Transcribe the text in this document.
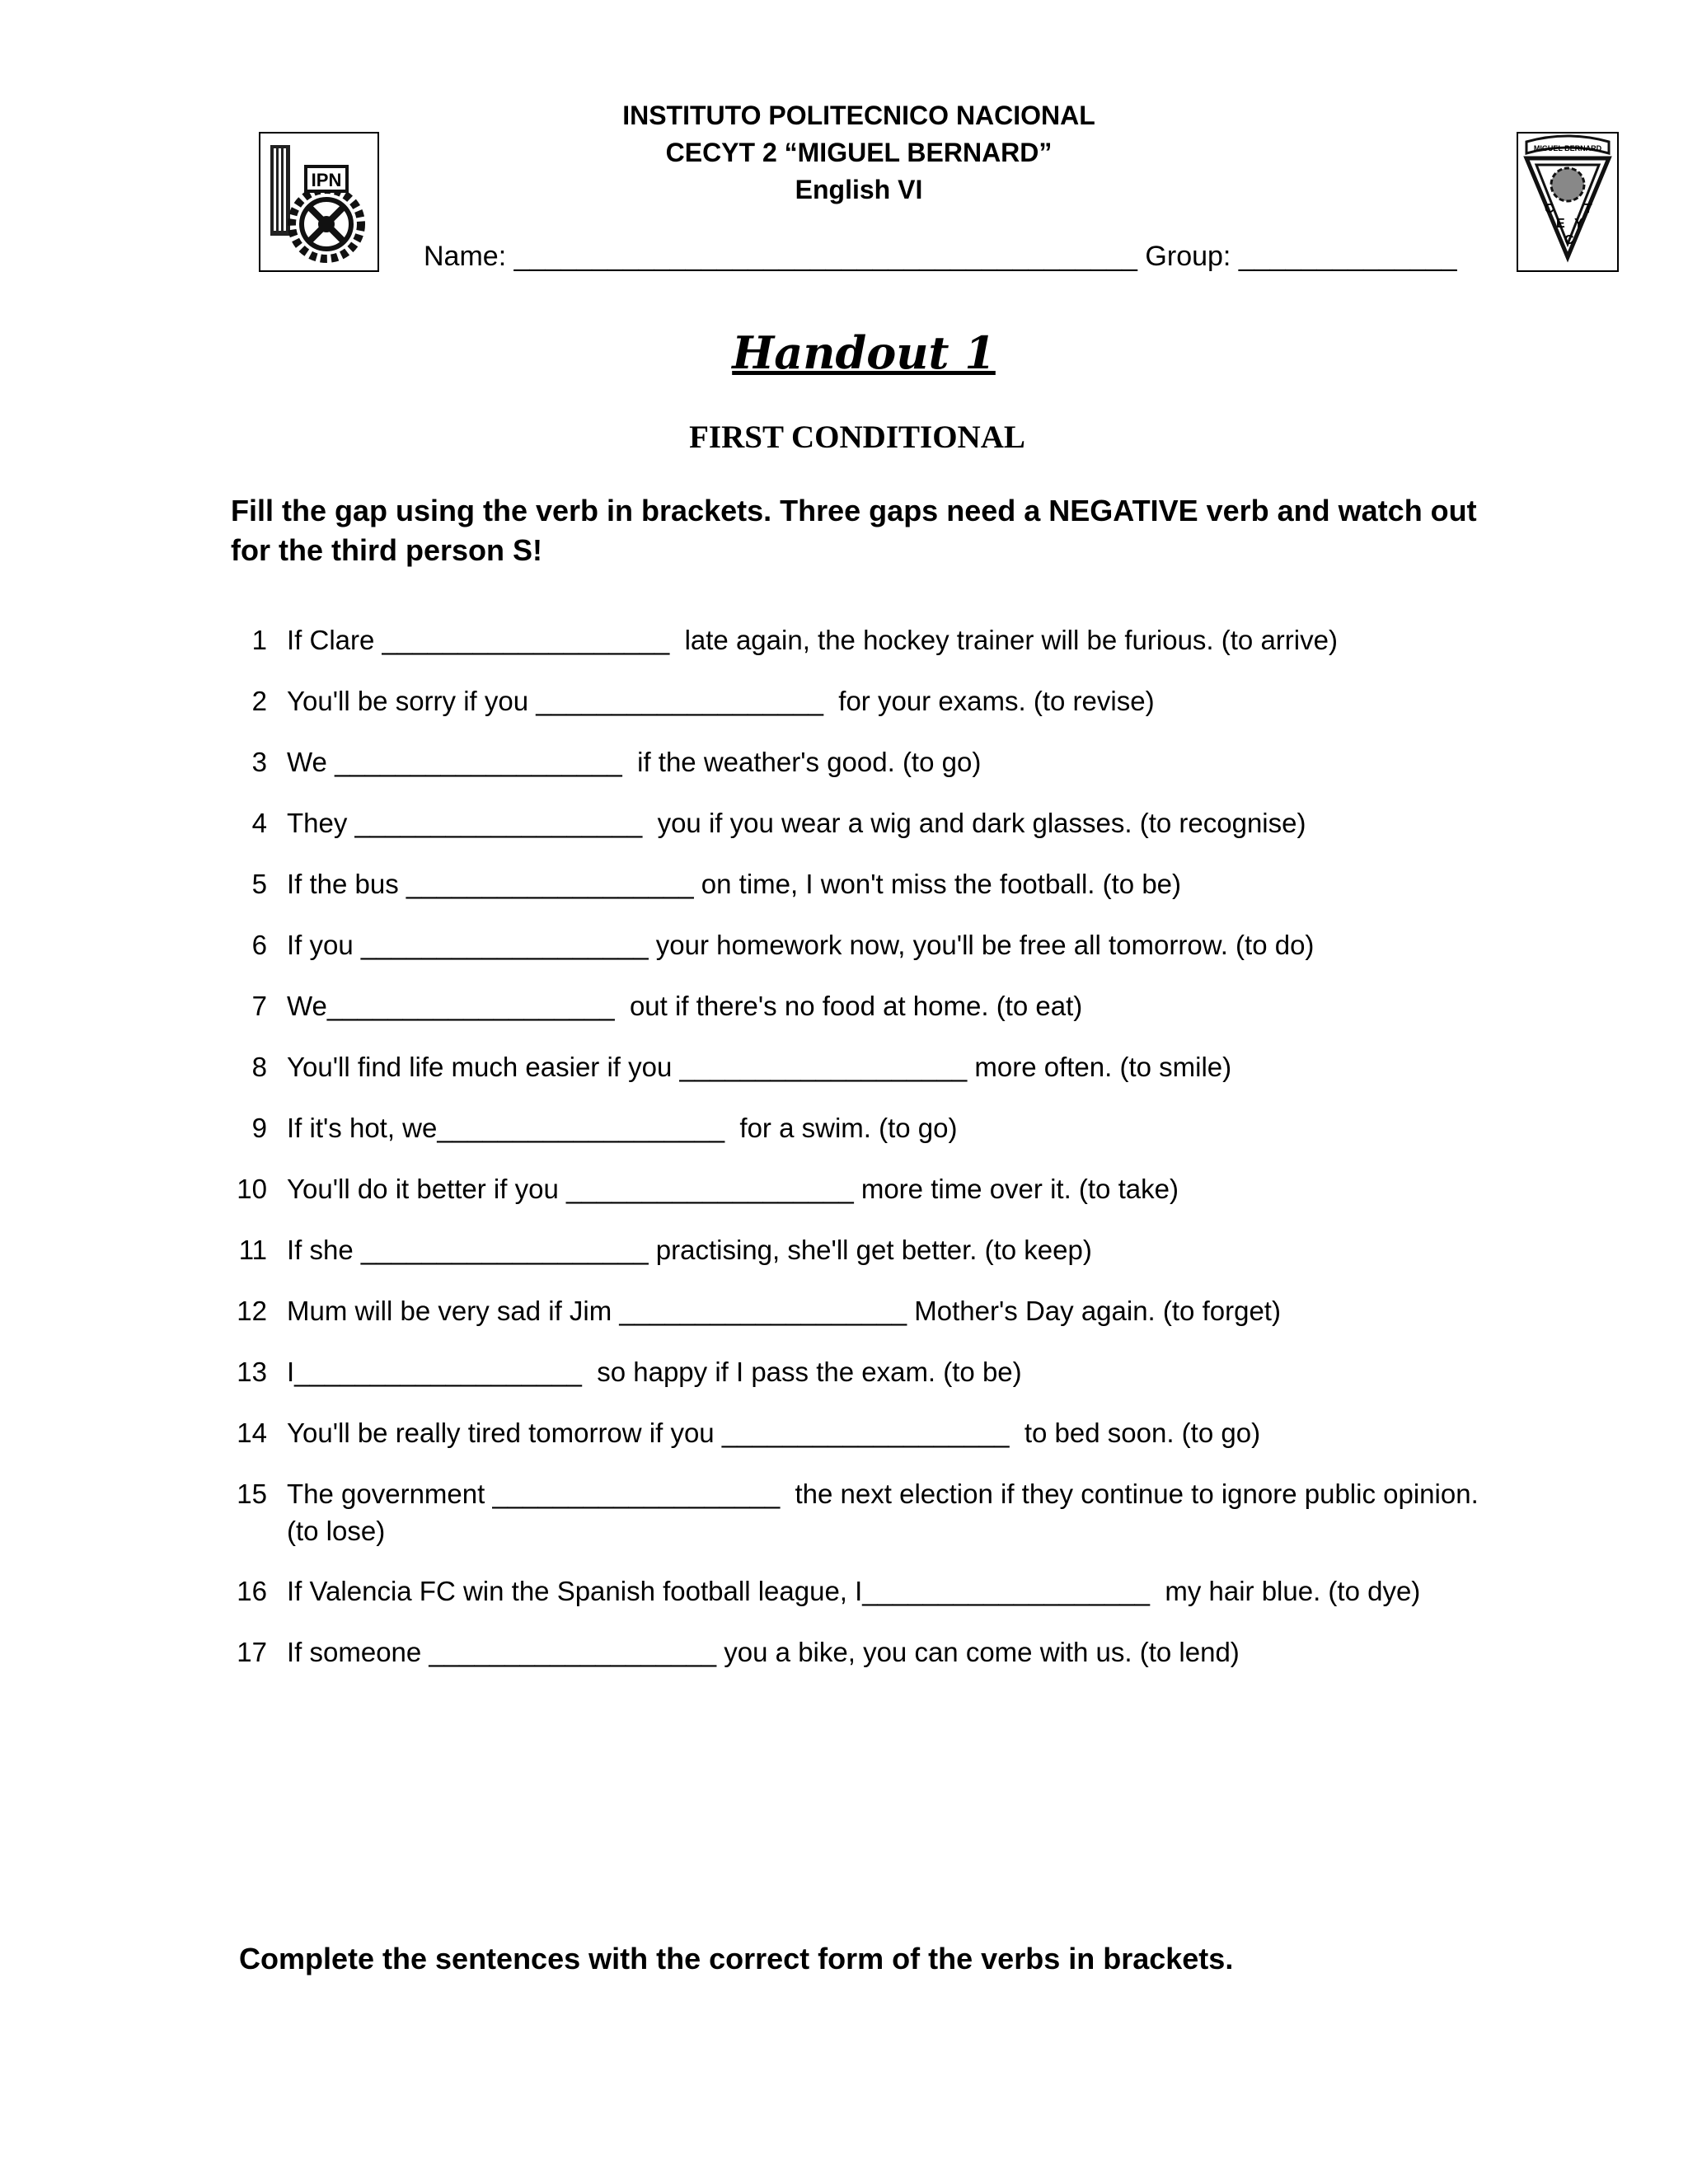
INSTITUTO POLITECNICO NACIONAL
CECYT 2 “MIGUEL BERNARD”
English VI
IPN
MIGUEL BERNARD
C
E
C
Y
T
Name: ________________________________________ Group: ______________
Handout 1
FIRST CONDITIONAL
Fill the gap using the verb in brackets. Three gaps need a NEGATIVE verb and watch out for the third person S!
1 If Clare ___________________  late again, the hockey trainer will be furious. (to arrive)
2 You'll be sorry if you ___________________  for your exams. (to revise)
3 We ___________________  if the weather's good. (to go)
4 They ___________________  you if you wear a wig and dark glasses. (to recognise)
5 If the bus ___________________ on time, I won't miss the football. (to be)
6 If you ___________________ your homework now, you'll be free all tomorrow. (to do)
7 We___________________  out if there's no food at home. (to eat)
8 You'll find life much easier if you ___________________ more often. (to smile)
9 If it's hot, we___________________  for a swim. (to go)
10 You'll do it better if you ___________________ more time over it. (to take)
11 If she ___________________ practising, she'll get better. (to keep)
12 Mum will be very sad if Jim ___________________ Mother's Day again. (to forget)
13 I___________________  so happy if I pass the exam. (to be)
14 You'll be really tired tomorrow if you ___________________  to bed soon. (to go)
15 The government ___________________  the next election if they continue to ignore public opinion. (to lose)
16 If Valencia FC win the Spanish football league, I___________________  my hair blue. (to dye)
17 If someone ___________________ you a bike, you can come with us. (to lend)
Complete the sentences with the correct form of the verbs in brackets.
